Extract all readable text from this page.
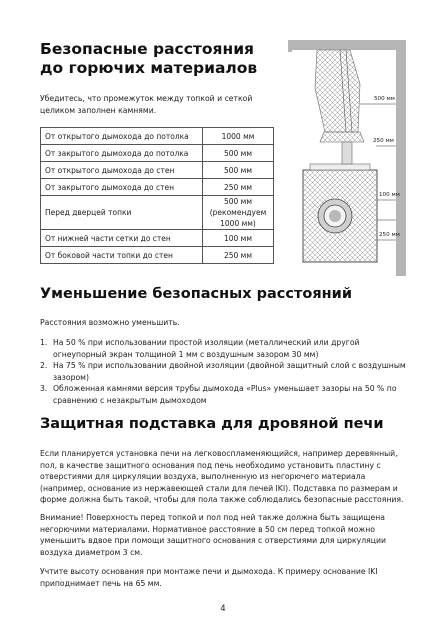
Безопасные расстояния
до горючих материалов
Убедитесь, что промежуток между топкой и сеткой целиком заполнен камнями.
От открытого дымохода до потолка	1000 мм

От закрытого дымохода до потолка	500 мм

От открытого дымохода до стен	500 мм

От закрытого дымохода до стен	250 мм

Перед дверцей топки	500 мм
(рекомендуем
1000 мм)

От нижней части сетки до стен	100 мм

От боковой части топки до стен	250 мм
500 мм
250 мм
100 мм
250 мм
Уменьшение безопасных расстояний
Расстояния возможно уменьшить.
1. На 50 % при использовании простой изоляции (металлический или другой огнеупорный экран толщиной 1 мм с воздушным зазором 30 мм)
2. На 75 % при использовании двойной изоляции (двойной защитный слой с воздушным зазором)
3. Обложенная камнями версия трубы дымохода «Plus» уменьшает зазоры на 50 % по сравнению с незакрытым дымоходом
Защитная подставка для дровяной печи
Если планируется установка печи на легковоспламеняющийся, например деревянный, пол, в качестве защитного основания под печь необходимо установить пластину с отверстиями для циркуляции воздуха, выполненную из негорючего материала (например, основание из нержавеющей стали для печей IKI). Подставка по размерам и форме должна быть такой, чтобы для пола также соблюдались безопасные расстояния.
Внимание! Поверхность перед топкой и пол под ней также должна быть защищена негорючими материалами. Нормативное расстояние в 50 см перед топкой можно уменьшить вдвое при помощи защитного основания с отверстиями для циркуляции воздуха диаметром 3 см.
Учтите высоту основания при монтаже печи и дымохода. К примеру основание IKI приподнимает печь на 65 мм.
4
